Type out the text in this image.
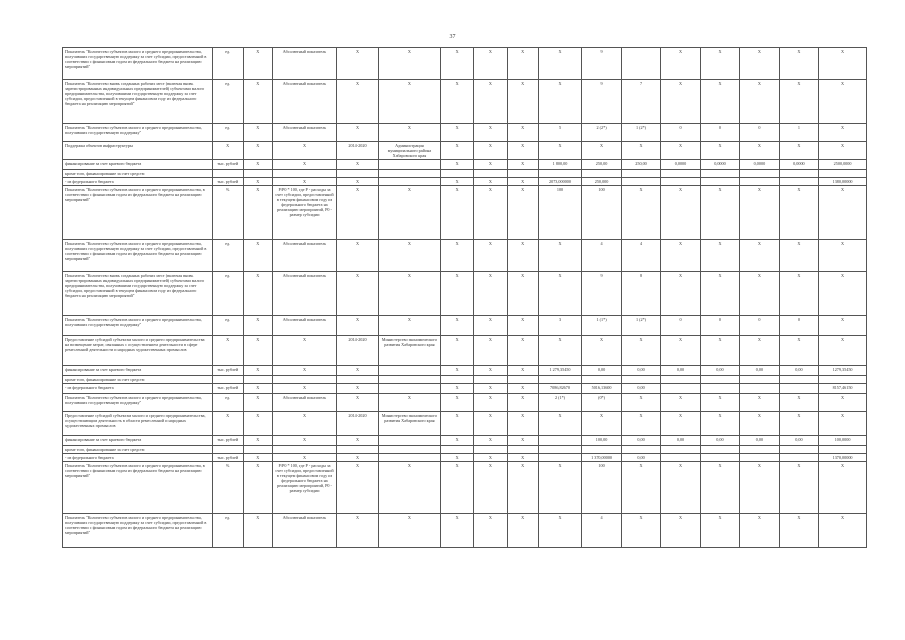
37
Показатель "Количество субъектов малого и среднего предпринимательства, получивших государственную поддержку за счет субсидии, предоставленной в соответствии с финансовым годом из федерального бюджета на реализацию мероприятий"	ед.	Х	Абсолютный показатель	Х	Х	Х	Х	Х	Х	9		Х	Х	Х	Х	Х
Показатель "Количество вновь созданных рабочих мест (включая вновь зарегистрированных индивидуальных предпринимателей) субъектами малого предпринимательства, получившими государственную поддержку за счет субсидии, предоставленной в текущем финансовом году из федерального бюджета на реализацию мероприятий"	ед.	Х	Абсолютный показатель	Х	Х	Х	Х	Х	Х	9	7	Х	Х	Х	Х	Х
Показатель "Количество субъектов малого и среднего предпринимательства, получивших государственную поддержку"	ед.	Х	Абсолютный показатель	Х	Х	Х	Х	Х	5	2 (2*)	1 (2*)	0	0	0	1	Х
Поддержка объектов инфраструктуры	Х	Х	Х	2014-2020	Администрация муниципального района Хабаровского края	Х	Х	Х	Х	Х	Х	Х	Х	Х	Х	Х
финансирование за счет краевого бюджета	тыс. рублей	Х	Х	Х		Х	Х	Х	1 800,00	250,00	250,00	0,0000	0,0000	0,0000	0,0000	2500,0000
кроме того, финансирование за счет средств:																
- из федерального бюджета	тыс. рублей	Х	Х	Х		Х	Х	Х	2073,000000	250,000						1380,00000
Показатель "Количество субъектов малого и среднего предпринимательства, в соответствии с финансовым годом из федерального бюджета на реализацию мероприятий"	%	Х	Р/Р0 * 100, где Р - расходы за счет субсидии, предоставленной в текущем финансовом году из федерального бюджета на реализацию мероприятий, Р0 - размер субсидии	Х	Х	Х	Х	Х	100	100	Х	Х	Х	Х	Х	Х
Показатель "Количество субъектов малого и среднего предпринимательства, получивших государственную поддержку за счет субсидии, предоставленной в соответствии с финансовым годом из федерального бюджета на реализацию мероприятий"	ед.	Х	Абсолютный показатель	Х	Х	Х	Х	Х	Х	4	4	Х	Х	Х	Х	Х
Показатель "Количество вновь созданных рабочих мест (включая вновь зарегистрированных индивидуальных предпринимателей) субъектами малого предпринимательства, получившими государственную поддержку за счет субсидии, предоставленной в текущем финансовом году из федерального бюджета на реализацию мероприятий"	ед.	Х	Абсолютный показатель	Х	Х	Х	Х	Х	Х	9	8	Х	Х	Х	Х	Х
Показатель "Количество субъектов малого и среднего предпринимательства, получивших государственную поддержку"	ед.	Х	Абсолютный показатель	Х	Х	Х	Х	Х	3	1 (1*)	1 (2*)	0	0	0	0	Х
Предоставление субсидий субъектам малого и среднего предпринимательства на возмещение затрат, связанных с осуществлением деятельности в сфере ремесленной деятельности и народных художественных промыслов	Х	Х	Х	2014-2020	Министерство экономического развития Хабаровского края	Х	Х	Х	Х	Х	Х	Х	Х	Х	Х	Х
финансирование за счет краевого бюджета	тыс. рублей	Х	Х	Х		Х	Х	Х	1 279,35450	0,00	0,00	0,00	0,00	0,00	0,00	1279,35450
кроме того, финансирование за счет средств:																
- из федерального бюджета	тыс. рублей	Х	Х	Х		Х	Х	Х	7086,82670	5016,13600	0,00					8157,46150
Показатель "Количество субъектов малого и среднего предпринимательства, получивших государственную поддержку"	ед.	Х	Абсолютный показатель	Х	Х	Х	Х	Х	2 (1*)	(0*)	Х	Х	Х	Х	Х	Х
Предоставление субсидий субъектам малого и среднего предпринимательства, осуществляющим деятельность в области ремесленной и народных художественных промыслов	Х	Х	Х	2014-2020	Министерство экономического развития Хабаровского края	Х	Х	Х	Х	Х	Х	Х	Х	Х	Х	Х
финансирование за счет краевого бюджета	тыс. рублей	Х	Х	Х		Х	Х	Х		100,00	0,00	0,00	0,00	0,00	0,00	100,0000
кроме того, финансирование за счет средств:																
- из федерального бюджета	тыс. рублей	Х	Х	Х		Х	Х	Х		1 370,00000	0,00					1370,00000
Показатель "Количество субъектов малого и среднего предпринимательства, в соответствии с финансовым годом из федерального бюджета на реализацию мероприятий"	%	Х	Р/Р0 * 100, где Р - расходы за счет субсидии, предоставленной в текущем финансовом году из федерального бюджета на реализацию мероприятий, Р0 - размер субсидии	Х	Х	Х	Х	Х	Х	100	Х	Х	Х	Х	Х	Х
Показатель "Количество субъектов малого и среднего предпринимательства, получивших государственную поддержку за счет субсидии, предоставленной в соответствии с финансовым годом из федерального бюджета на реализацию мероприятий"	ед.	Х	Абсолютный показатель	Х	Х	Х	Х	Х	Х	4	Х	Х	Х	Х	Х	Х
